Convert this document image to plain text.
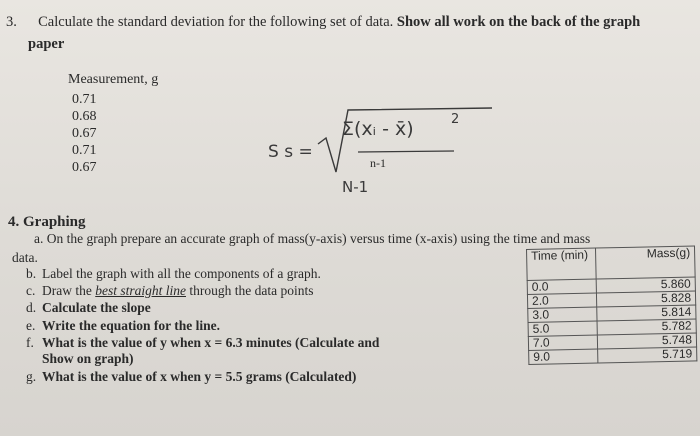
3. Calculate the standard deviation for the following set of data. Show all work on the back of the graph
paper
Measurement, g
0.71
0.68
0.67
0.71
0.67
S s =
Σ(xᵢ - x̄)	2
n-1
N-1
4. Graphing
a. On the graph prepare an accurate graph of mass(y-axis) versus time (x-axis) using the time and mass
data.
b. Label the graph with all the components of a graph.
c. Draw the best straight line through the data points
d. Calculate the slope
e. Write the equation for the line.
f. What is the value of y when x = 6.3 minutes (Calculate and
Show on graph)
g. What is the value of x when y = 5.5 grams (Calculated)
Time (min)	Mass(g)
0.0	5.860
2.0	5.828
3.0	5.814
5.0	5.782
7.0	5.748
9.0	5.719
